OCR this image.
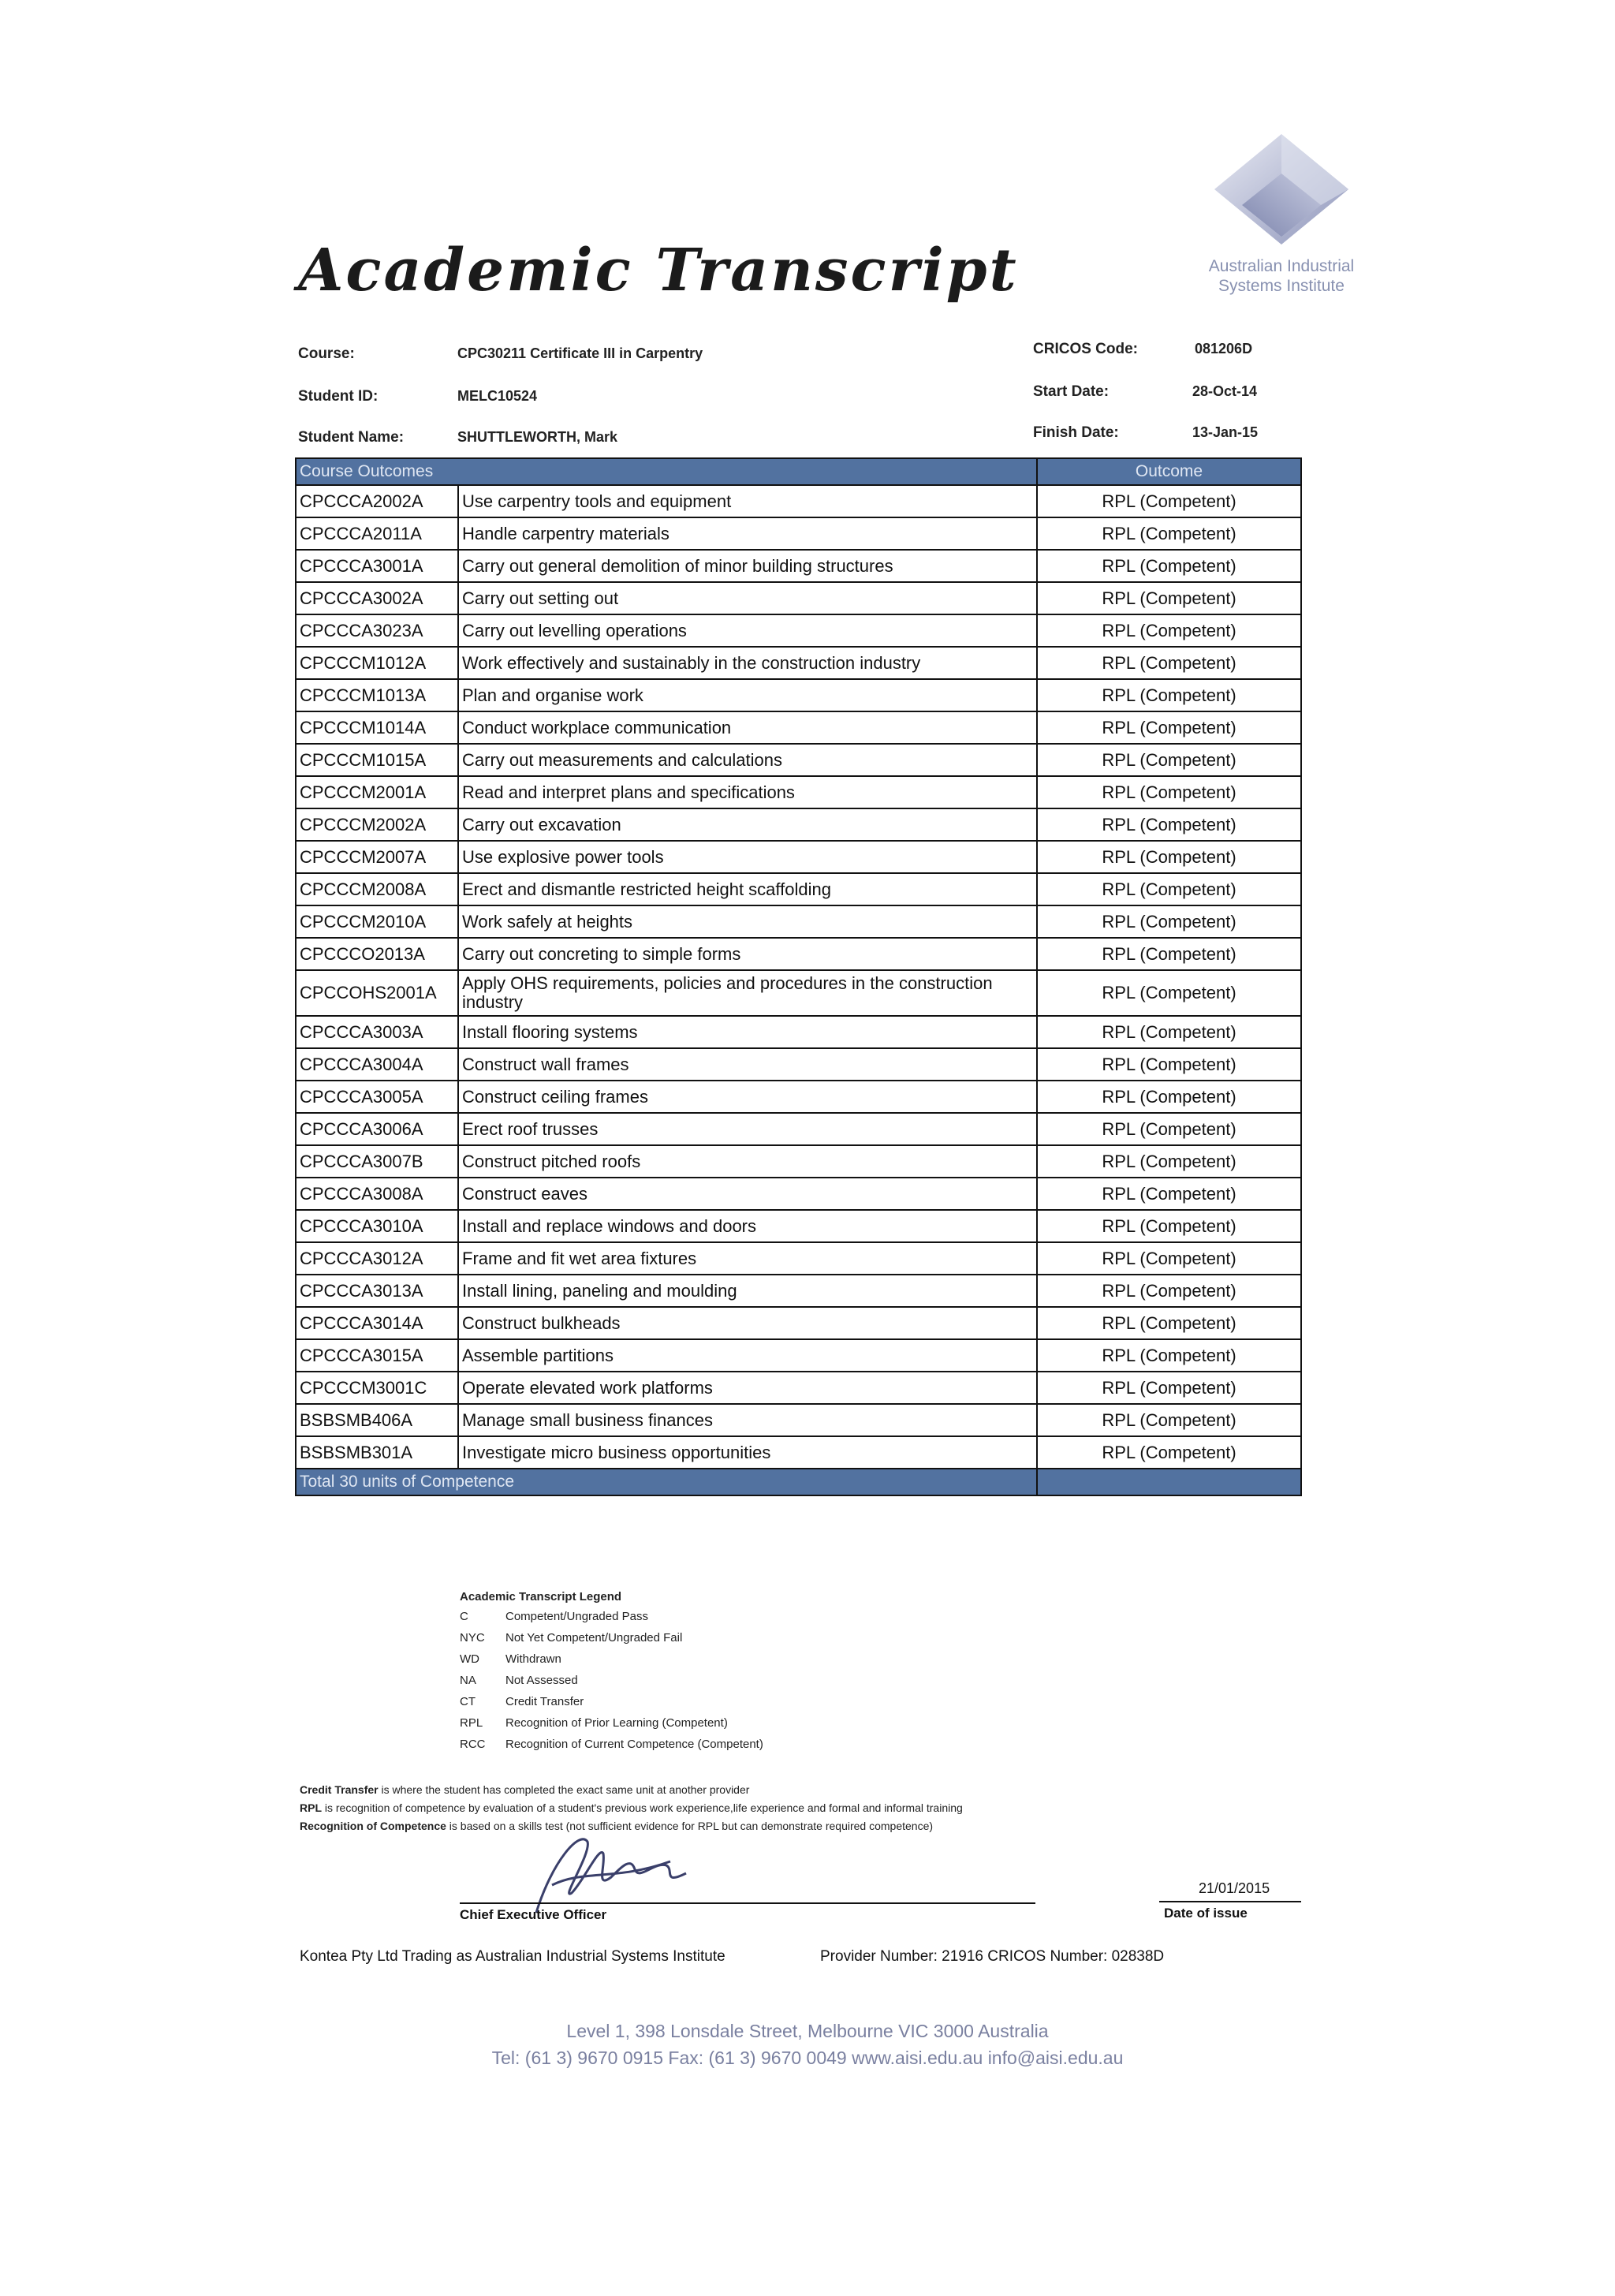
Australian Industrial
Systems Institute
Academic Transcript
Course:	CPC30211 Certificate III in Carpentry
Student ID:	MELC10524
Student Name:	SHUTTLEWORTH, Mark
CRICOS Code:	081206D
Start Date:	28-Oct-14
Finish Date:	13-Jan-15
Course Outcomes		Outcome
CPCCCA2002A	Use carpentry tools and equipment	RPL (Competent)
CPCCCA2011A	Handle carpentry materials	RPL (Competent)
CPCCCA3001A	Carry out general demolition of minor building structures	RPL (Competent)
CPCCCA3002A	Carry out setting out	RPL (Competent)
CPCCCA3023A	Carry out levelling operations	RPL (Competent)
CPCCCM1012A	Work effectively and sustainably in the construction industry	RPL (Competent)
CPCCCM1013A	Plan and organise work	RPL (Competent)
CPCCCM1014A	Conduct workplace communication	RPL (Competent)
CPCCCM1015A	Carry out measurements and calculations	RPL (Competent)
CPCCCM2001A	Read and interpret plans and specifications	RPL (Competent)
CPCCCM2002A	Carry out excavation	RPL (Competent)
CPCCCM2007A	Use explosive power tools	RPL (Competent)
CPCCCM2008A	Erect and dismantle restricted height scaffolding	RPL (Competent)
CPCCCM2010A	Work safely at heights	RPL (Competent)
CPCCCO2013A	Carry out concreting to simple forms	RPL (Competent)
CPCCOHS2001A	Apply OHS requirements, policies and procedures in the construction industry	RPL (Competent)
CPCCCA3003A	Install flooring systems	RPL (Competent)
CPCCCA3004A	Construct wall frames	RPL (Competent)
CPCCCA3005A	Construct ceiling frames	RPL (Competent)
CPCCCA3006A	Erect roof trusses	RPL (Competent)
CPCCCA3007B	Construct pitched roofs	RPL (Competent)
CPCCCA3008A	Construct eaves	RPL (Competent)
CPCCCA3010A	Install and replace windows and doors	RPL (Competent)
CPCCCA3012A	Frame and fit wet area fixtures	RPL (Competent)
CPCCCA3013A	Install lining, paneling and moulding	RPL (Competent)
CPCCCA3014A	Construct bulkheads	RPL (Competent)
CPCCCA3015A	Assemble partitions	RPL (Competent)
CPCCCM3001C	Operate elevated work platforms	RPL (Competent)
BSBSMB406A	Manage small business finances	RPL (Competent)
BSBSMB301A	Investigate micro business opportunities	RPL (Competent)
Total 30 units of Competence		
Academic Transcript Legend
C	Competent/Ungraded Pass
NYC Not Yet Competent/Ungraded Fail
WD Withdrawn
NA Not Assessed
CT	Credit Transfer
RPL Recognition of Prior Learning (Competent)
RCC Recognition of Current Competence (Competent)
Credit Transfer is where the student has completed the exact same unit at another provider
RPL is recognition of competence by evaluation of a student's previous work experience,life experience and formal and informal training
Recognition of Competence is based on a skills test (not sufficient evidence for RPL but can demonstrate required competence)
Chief Executive Officer
21/01/2015
Date of issue
Kontea Pty Ltd Trading as Australian Industrial Systems Institute	Provider Number: 21916 CRICOS Number: 02838D
Level 1, 398 Lonsdale Street, Melbourne VIC 3000 Australia
Tel: (61 3) 9670 0915 Fax: (61 3) 9670 0049 www.aisi.edu.au info@aisi.edu.au
